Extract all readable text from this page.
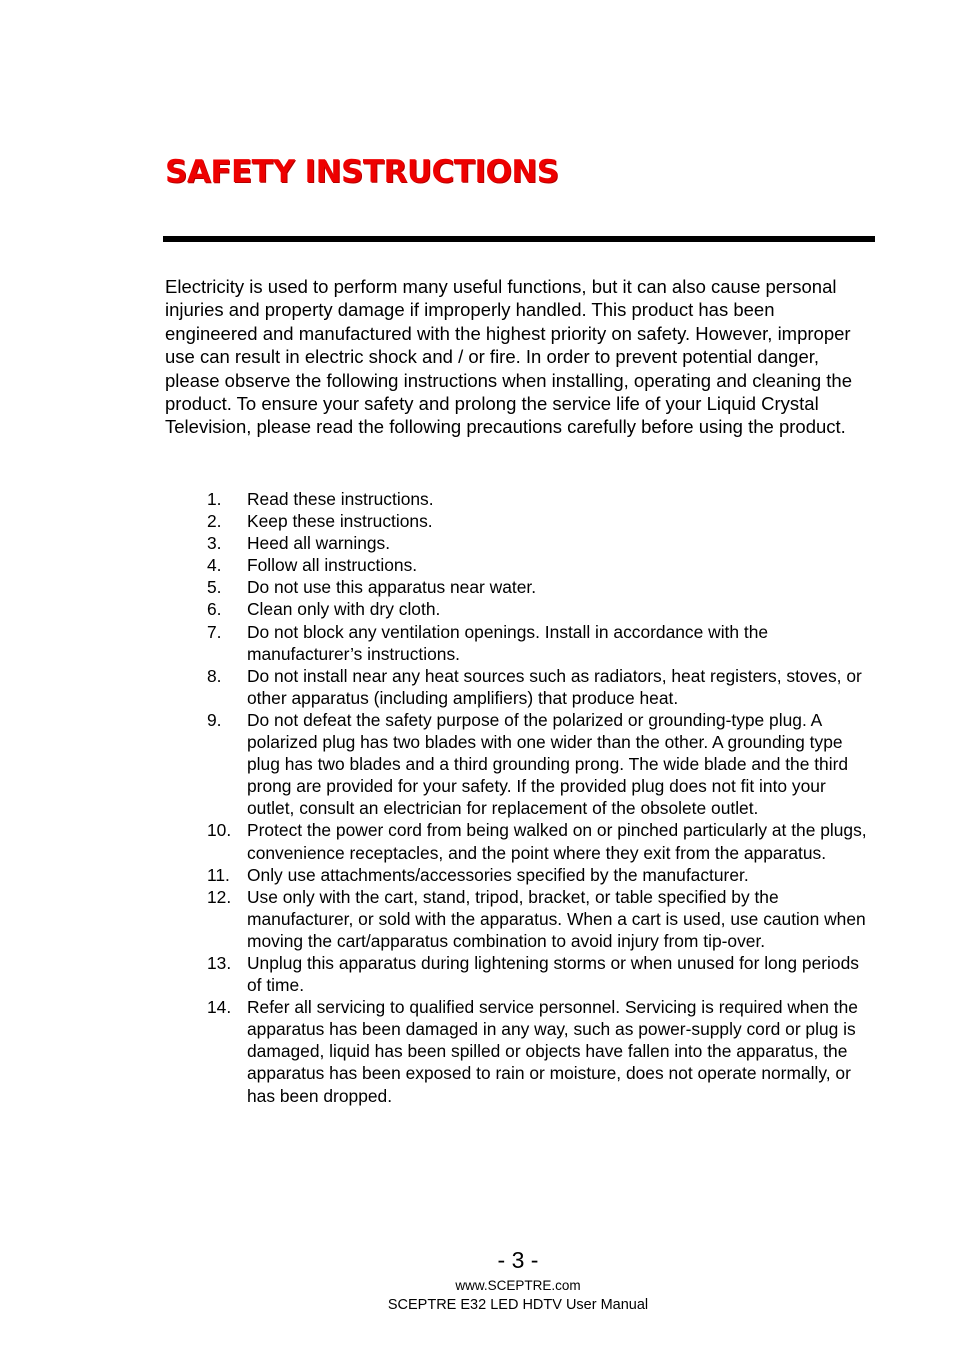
SAFETY INSTRUCTIONS

Electricity is used to perform many useful functions, but it can also cause personal injuries and property damage if improperly handled. This product has been engineered and manufactured with the highest priority on safety. However, improper use can result in electric shock and / or fire. In order to prevent potential danger, please observe the following instructions when installing, operating and cleaning the product. To ensure your safety and prolong the service life of your Liquid Crystal Television, please read the following precautions carefully before using the product.

1.	Read these instructions.
2.	Keep these instructions.
3.	Heed all warnings.
4.	Follow all instructions.
5.	Do not use this apparatus near water.
6.	Clean only with dry cloth.
7.	Do not block any ventilation openings. Install in accordance with the manufacturer’s instructions.
8.	Do not install near any heat sources such as radiators, heat registers, stoves, or other apparatus (including amplifiers) that produce heat.
9.	Do not defeat the safety purpose of the polarized or grounding-type plug. A polarized plug has two blades with one wider than the other. A grounding type plug has two blades and a third grounding prong. The wide blade and the third prong are provided for your safety. If the provided plug does not fit into your outlet, consult an electrician for replacement of the obsolete outlet.
10. Protect the power cord from being walked on or pinched particularly at the plugs, convenience receptacles, and the point where they exit from the apparatus.
11. Only use attachments/accessories specified by the manufacturer.
12. Use only with the cart, stand, tripod, bracket, or table specified by the manufacturer, or sold with the apparatus. When a cart is used, use caution when moving the cart/apparatus combination to avoid injury from tip-over.
13. Unplug this apparatus during lightening storms or when unused for long periods of time.
14. Refer all servicing to qualified service personnel. Servicing is required when the apparatus has been damaged in any way, such as power-supply cord or plug is damaged, liquid has been spilled or objects have fallen into the apparatus, the apparatus has been exposed to rain or moisture, does not operate normally, or has been dropped.
- 3 -
www.SCEPTRE.com
SCEPTRE E32 LED HDTV User Manual
